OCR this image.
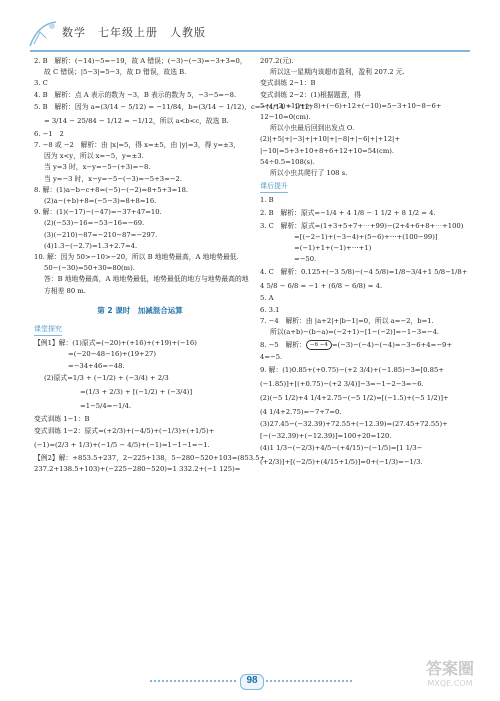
数学　七年级上册　人教版
2. B　解析：(−14)−5=−19，故 A 错误；(−3)−(−3)=−3+3=0，
故 C 错误；|5−3|=5−3，故 D 错误，故选 B.
3. C
4. B　解析：点 A 表示的数为 −3，B 表示的数为 5，−3−5=−8.
5. B　解析：因为 a=(3/14 − 5/12) = −11/84，b=(3/14 − 1/12)，c=−(4/14 − 1/12)
= 3/14 − 25/84 − 1/12 = −1/12，所以 a<b<c，故选 B.
6. −1　2
7. −8 或 −2　解析：由 |x|=5，得 x=±5，由 |y|=3，得 y=±3，
因为 x<y，所以 x=−5，y=±3.
当 y=3 时，x−y=−5−(+3)=−8.
当 y=−3 时，x−y=−5−(−3)=−5+3=−2.
8. 解：(1)a−b−c+8=(−5)−(−2)=8+5+3=18.
(2)a−(+b)+8=(−5−3)=8+8=16.
9. 解：(1)(−17)−(−47)=−37+47=10.
(2)(−53)−16=−53−16=−69.
(3)(−210)−87=−210−87=−297.
(4)1.3−(−2.7)=1.3+2.7=4.
10. 解：因为 50>−10>−20，所以 B 地地势最高，A 地地势最低.
50−(−30)=50+30=80(m).
答：B 地地势最高，A 地地势最低，地势最低的地方与地势最高的地
方相差 80 m.
第 2 课时　加减混合运算
课堂探究
【例1】解：(1)原式=(−20)+(+16)+(+19)+(−16)
=(−20−48−16)+(19+27)
=−34+46=−48.
(2)原式=1/3 + (−1/2) + (−3/4) + 2/3
=(1/3 + 2/3) + [(−1/2) + (−3/4)]
=1−5/4=−1/4.
变式训练 1−1：B
变式训练 1−2：原式=(+2/3)+(−4/5)+(−1/3)+(+1/5)+
(−1)=(2/3 + 1/3)+(−1/5 − 4/5)+(−1)=1−1−1=−1.
【例2】解：+853.5+237，2−225+138，5−280−520+103=(853.5+
237.2+138.5+103)+(−225−280−520)=1 332.2+(−1 125)=
207.2(元).
所以这一星期内该超市盈利，盈利 207.2 元.
变式训练 2−1：B
变式训练 2−2：(1)根据题意，得
5+(−3)+10+(−8)+(−6)+12+(−10)=5−3+10−8−6+
12−10=0(cm).
所以小虫最后回到出发点 O.
(2)|+5|+|−3|+|+10|+|−8|+|−6|+|+12|+
|−10|=5+3+10+8+6+12+10=54(cm).
54÷0.5=108(s).
所以小虫共爬行了 108 s.
课后提升
1. B
2. B　解析：原式=−1/4 + 4 1/8 − 1 1/2 + 8 1/2 = 4.
3. C　解析：原式=(1+3+5+7+⋯+99)−(2+4+6+8+⋯+100)
=[(−2−1)+(−3−4)+(5−6)+⋯+(100−99)]
=(−1)+1+(−1)+⋯+1)
=−50.
4. C　解析：0.125+(−3 5/8)−(−4 5/8)=1/8−3/4+1 5/8−1/8+
4 5/8 − 6/8 = −1 + (6/8 − 6/8) = 4.
5. A
6. 3.1
7. −4　解析：由 |a+2|+|b−1|=0，所以 a=−2，b=1.
所以(a+b)−(b−a)=(−2+1)−[1−(−2)]=−1−3=−4.
8. −5　解析： −6 −4 =(−3)−(−4)−(−4)=−3−6+4=−9+
4=−5.
9. 解：(1)0.85+(+0.75)−(+2 3/4)+(−1.85)−3=[0.85+
(−1.85)]+[(+0.75)−(+2 3/4)]−3=−1−2−3=−6.
(2)(−5 1/2)+4 1/4+2.75−(−5 1/2)=[(−1.5)+(−5 1/2)]+
(4 1/4+2.75)=−7+7=0.
(3)27.45−(−32.39)+72.55+(−12.39)=(27.45+72.55)+
[−(−32.39)+(−12.39)]=100+20=120.
(4)1 1/3−(−2/3)+4/5−(+4/15)−(−1/5)=[1 1/3−
(+2/3)]+[(−2/5)+(4/15+1/5)]=0+(−1/3)=−1/3.
98
答案圈
MXQE.COM
